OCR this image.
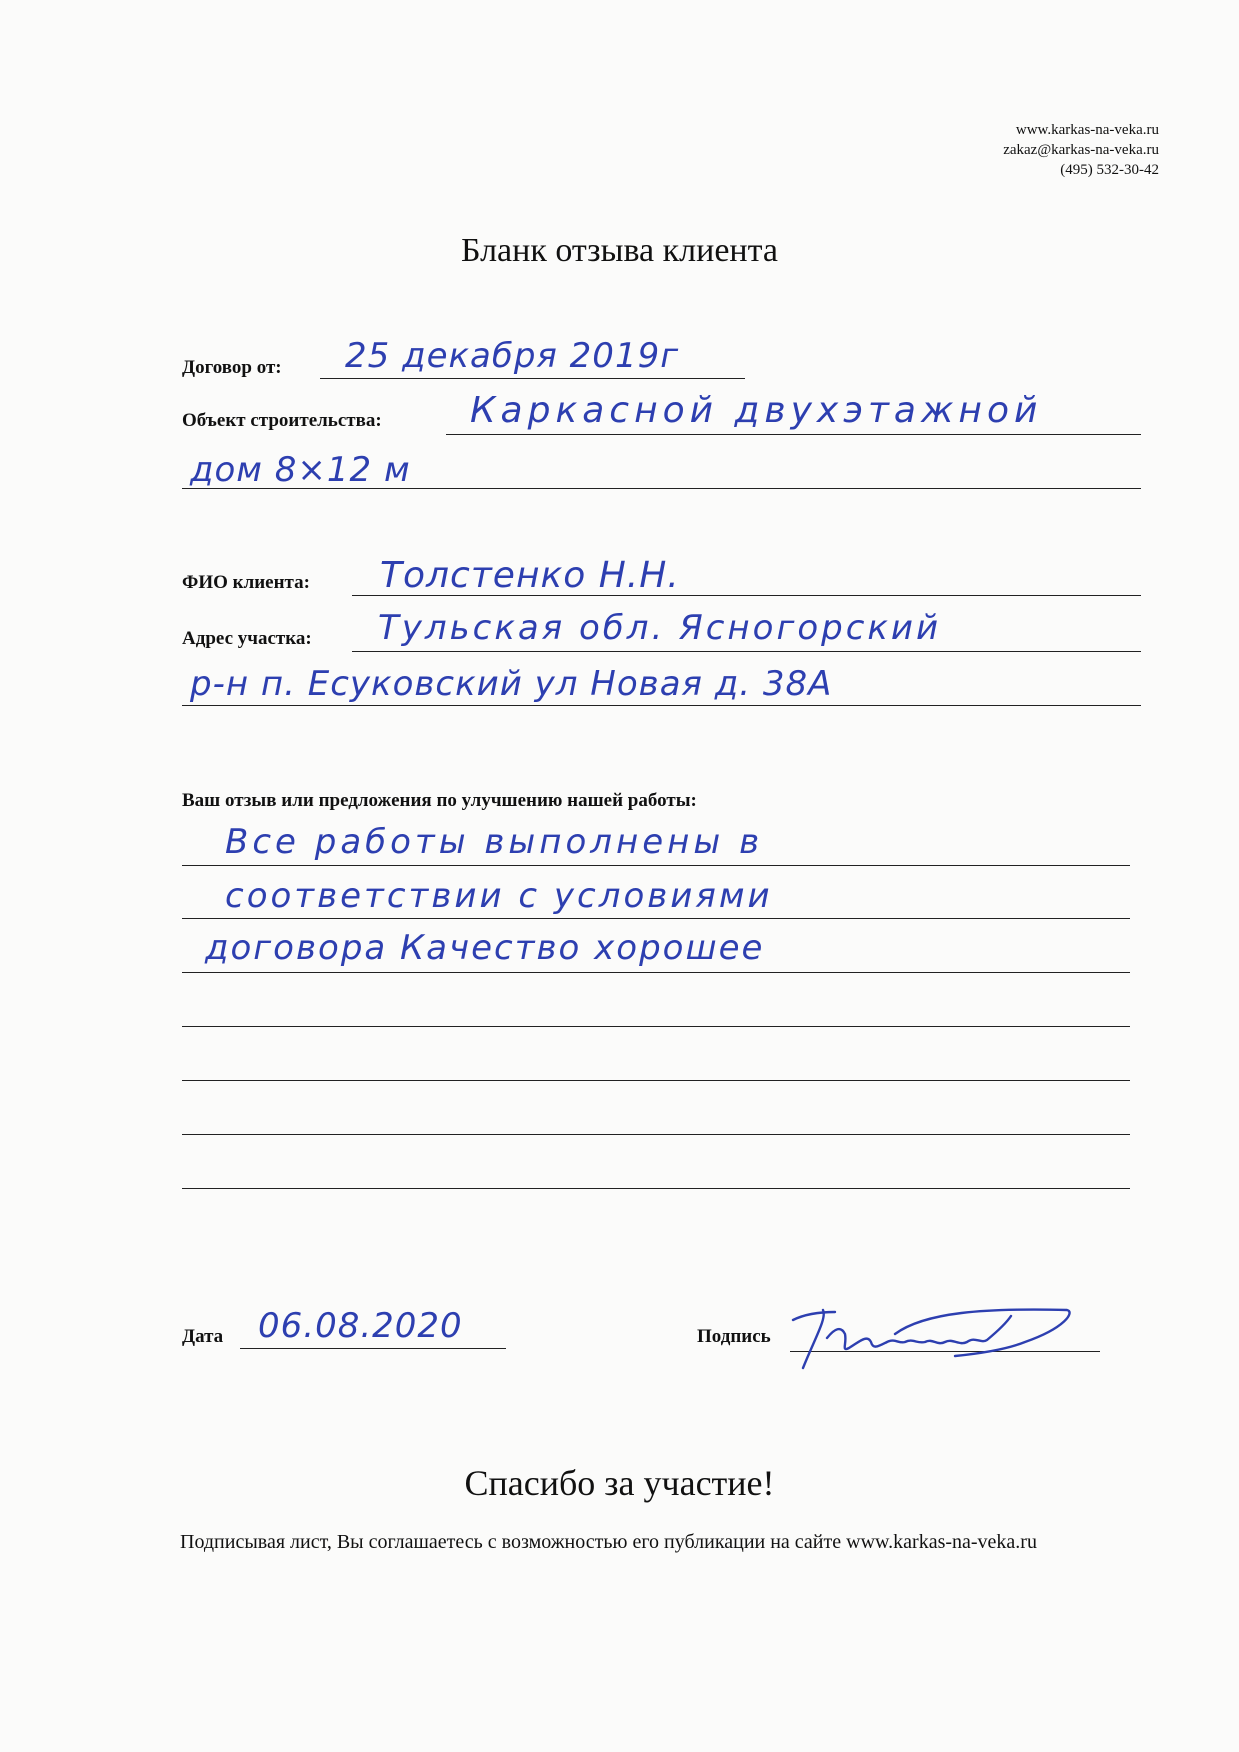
www.karkas-na-veka.ru
zakaz@karkas-na-veka.ru
(495) 532-30-42
Бланк отзыва клиента
Договор от: 25 декабря 2019г
Объект строительства: Каркасной двухэтажной
дом 8×12 м
ФИО клиента: Толстенко Н.Н.
Адрес участка: Тульская обл. Ясногорский
р-н п. Есуковский ул Новая д. 38А
Ваш отзыв или предложения по улучшению нашей работы:
Все работы выполнены в
соответствии с условиями
договора Качество хорошее
Дата 06.08.2020	Подпись
Спасибо за участие!
Подписывая лист, Вы соглашаетесь с возможностью его публикации на сайте www.karkas-na-veka.ru
